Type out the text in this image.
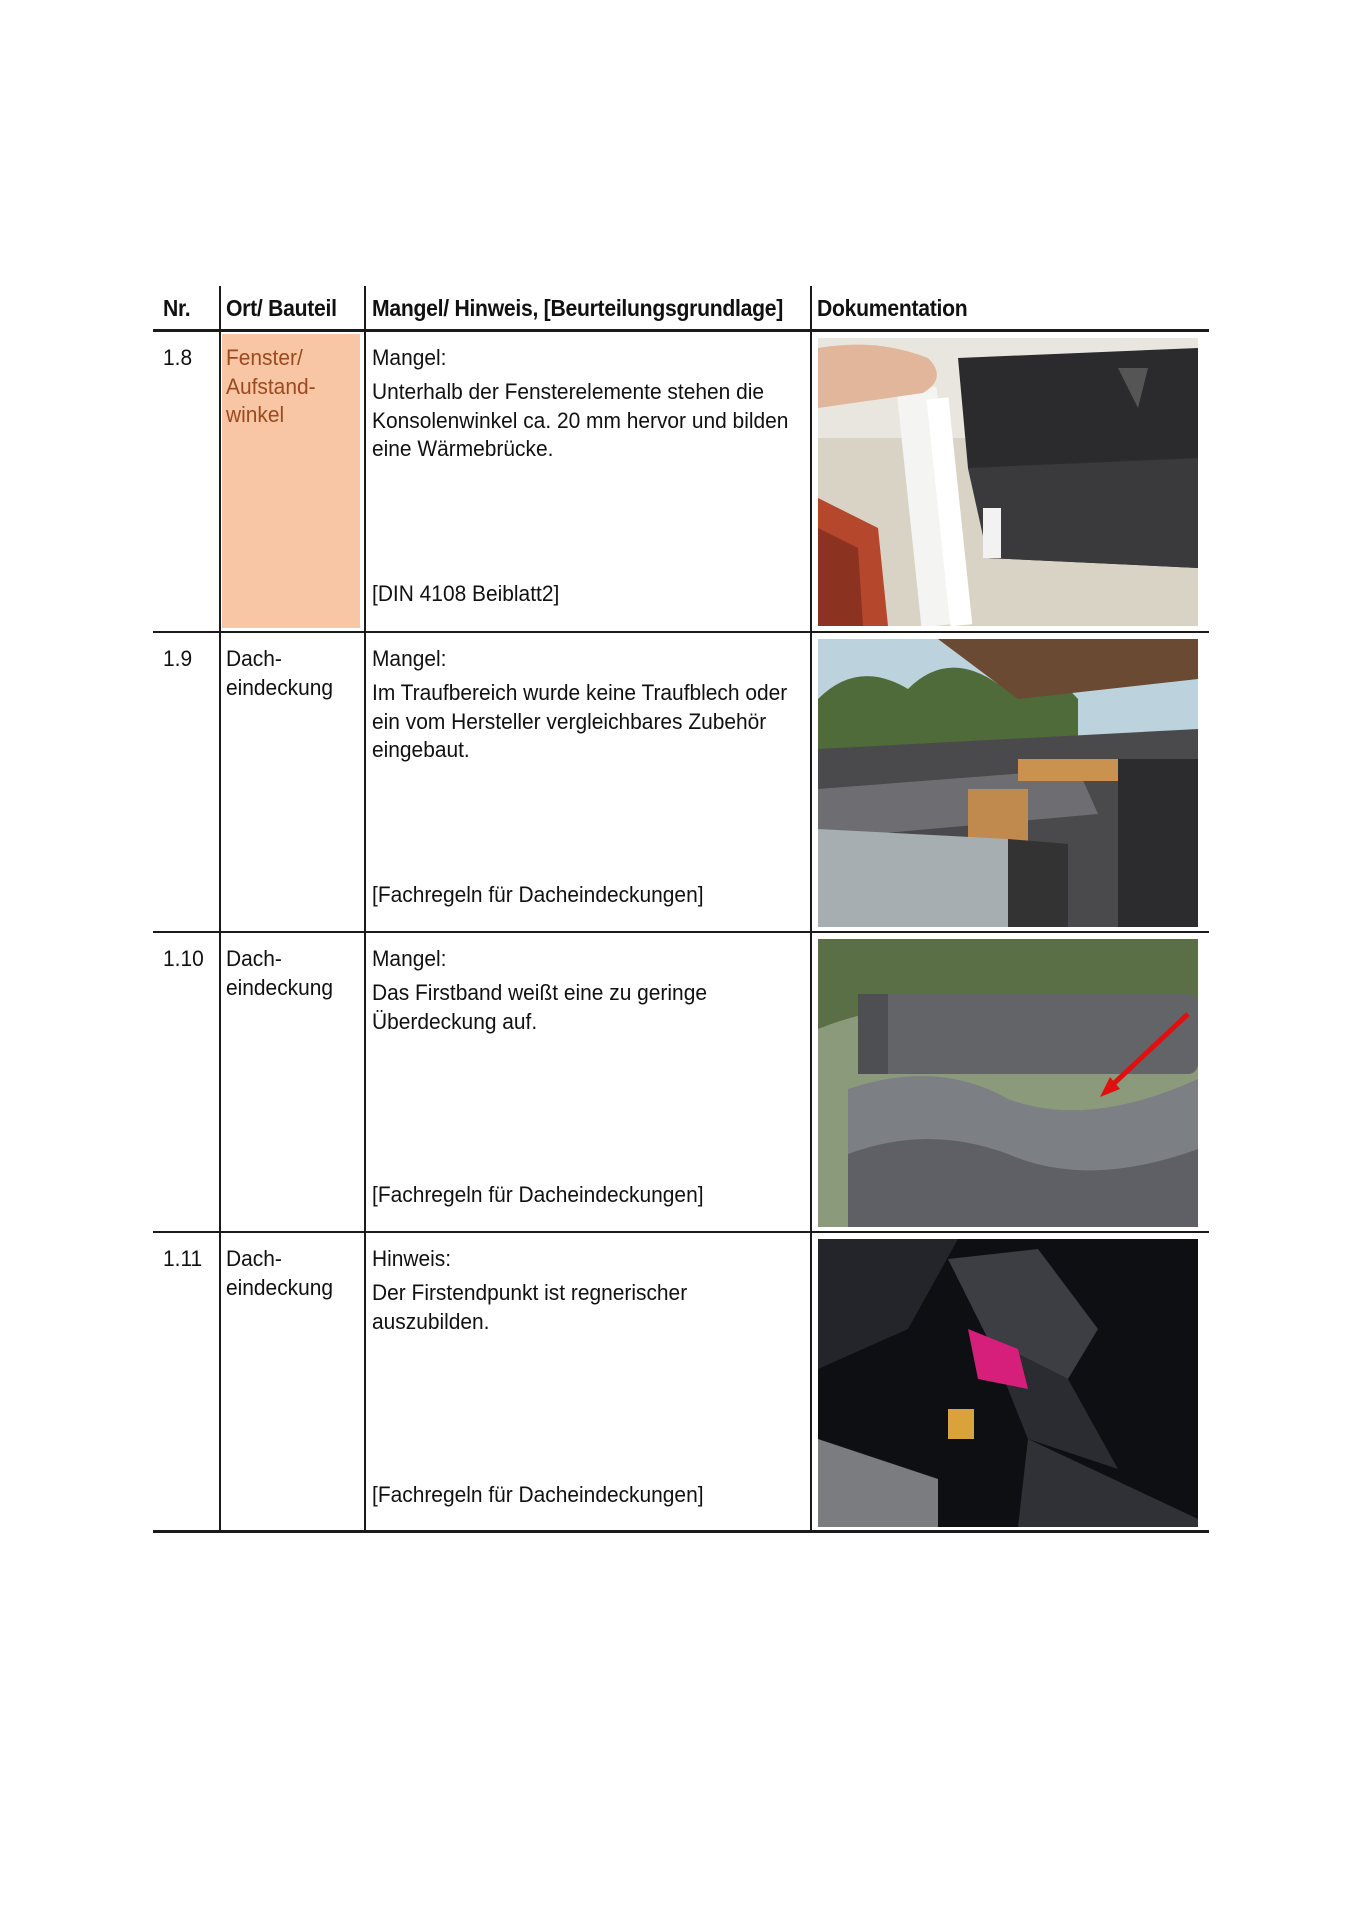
Nr. Ort/ Bauteil Mangel/ Hinweis, [Beurteilungsgrundlage] Dokumentation
1.8 Fenster/
Aufstand-
winkel
Mangel:
Unterhalb der Fensterelemente stehen die
Konsolenwinkel ca. 20 mm hervor und bilden
eine Wärmebrücke.
[DIN 4108 Beiblatt2]
1.9 Dach-
eindeckung
Mangel:
Im Traufbereich wurde keine Traufblech oder
ein vom Hersteller vergleichbares Zubehör
eingebaut.
[Fachregeln für Dacheindeckungen]
1.10 Dach-
eindeckung
Mangel:
Das Firstband weißt eine zu geringe
Überdeckung auf.
[Fachregeln für Dacheindeckungen]
1.11 Dach-
eindeckung
Hinweis:
Der Firstendpunkt ist regnerischer
auszubilden.
[Fachregeln für Dacheindeckungen]
